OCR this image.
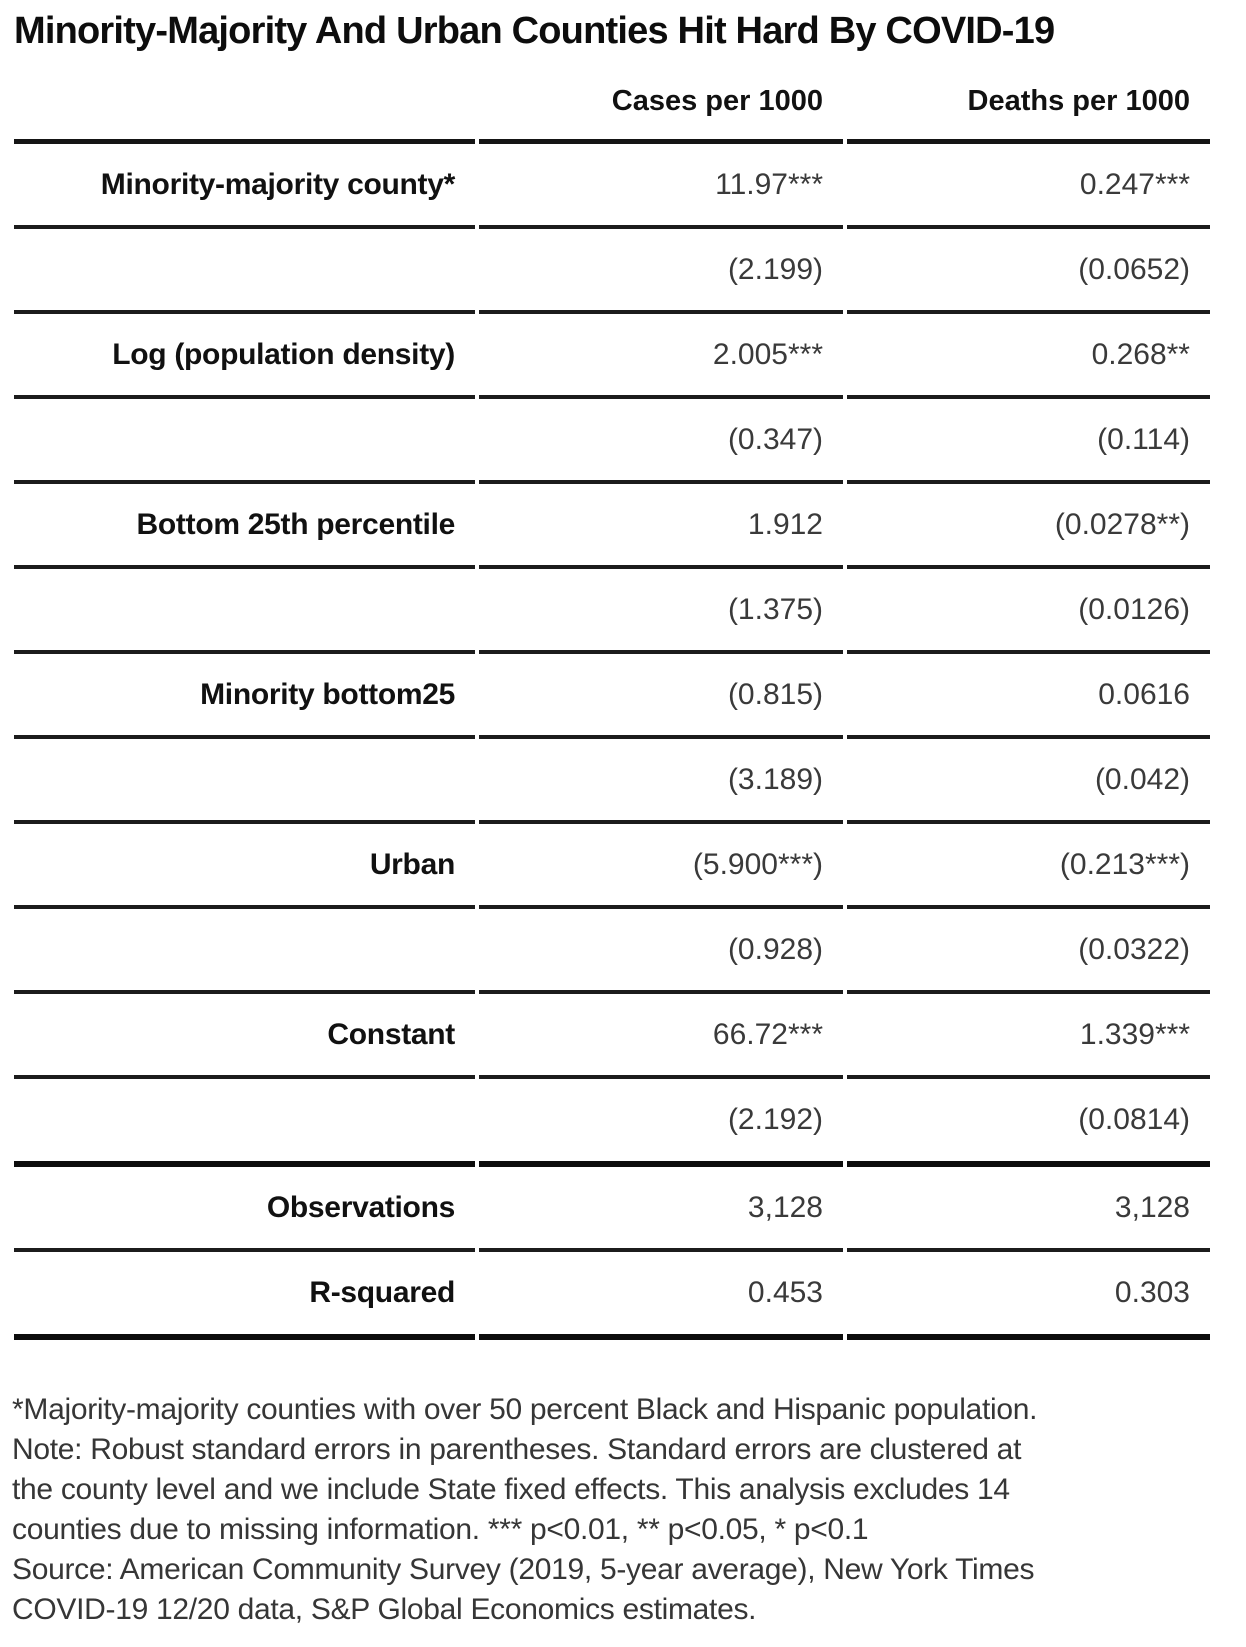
Minority-Majority And Urban Counties Hit Hard By COVID-19
	Cases per 1000	Deaths per 1000
Minority-majority county*	11.97***	0.247***
	(2.199)	(0.0652)
Log (population density)	2.005***	0.268**
	(0.347)	(0.114)
Bottom 25th percentile	1.912	(0.0278**)
	(1.375)	(0.0126)
Minority bottom25	(0.815)	0.0616
	(3.189)	(0.042)
Urban	(5.900***)	(0.213***)
	(0.928)	(0.0322)
Constant	66.72***	1.339***
	(2.192)	(0.0814)
Observations	3,128	3,128
R-squared	0.453	0.303
*Majority-majority counties with over 50 percent Black and Hispanic population.
Note: Robust standard errors in parentheses. Standard errors are clustered at
the county level and we include State fixed effects. This analysis excludes 14
counties due to missing information. *** p<0.01, ** p<0.05, * p<0.1
Source: American Community Survey (2019, 5-year average), New York Times
COVID-19 12/20 data, S&P Global Economics estimates.
